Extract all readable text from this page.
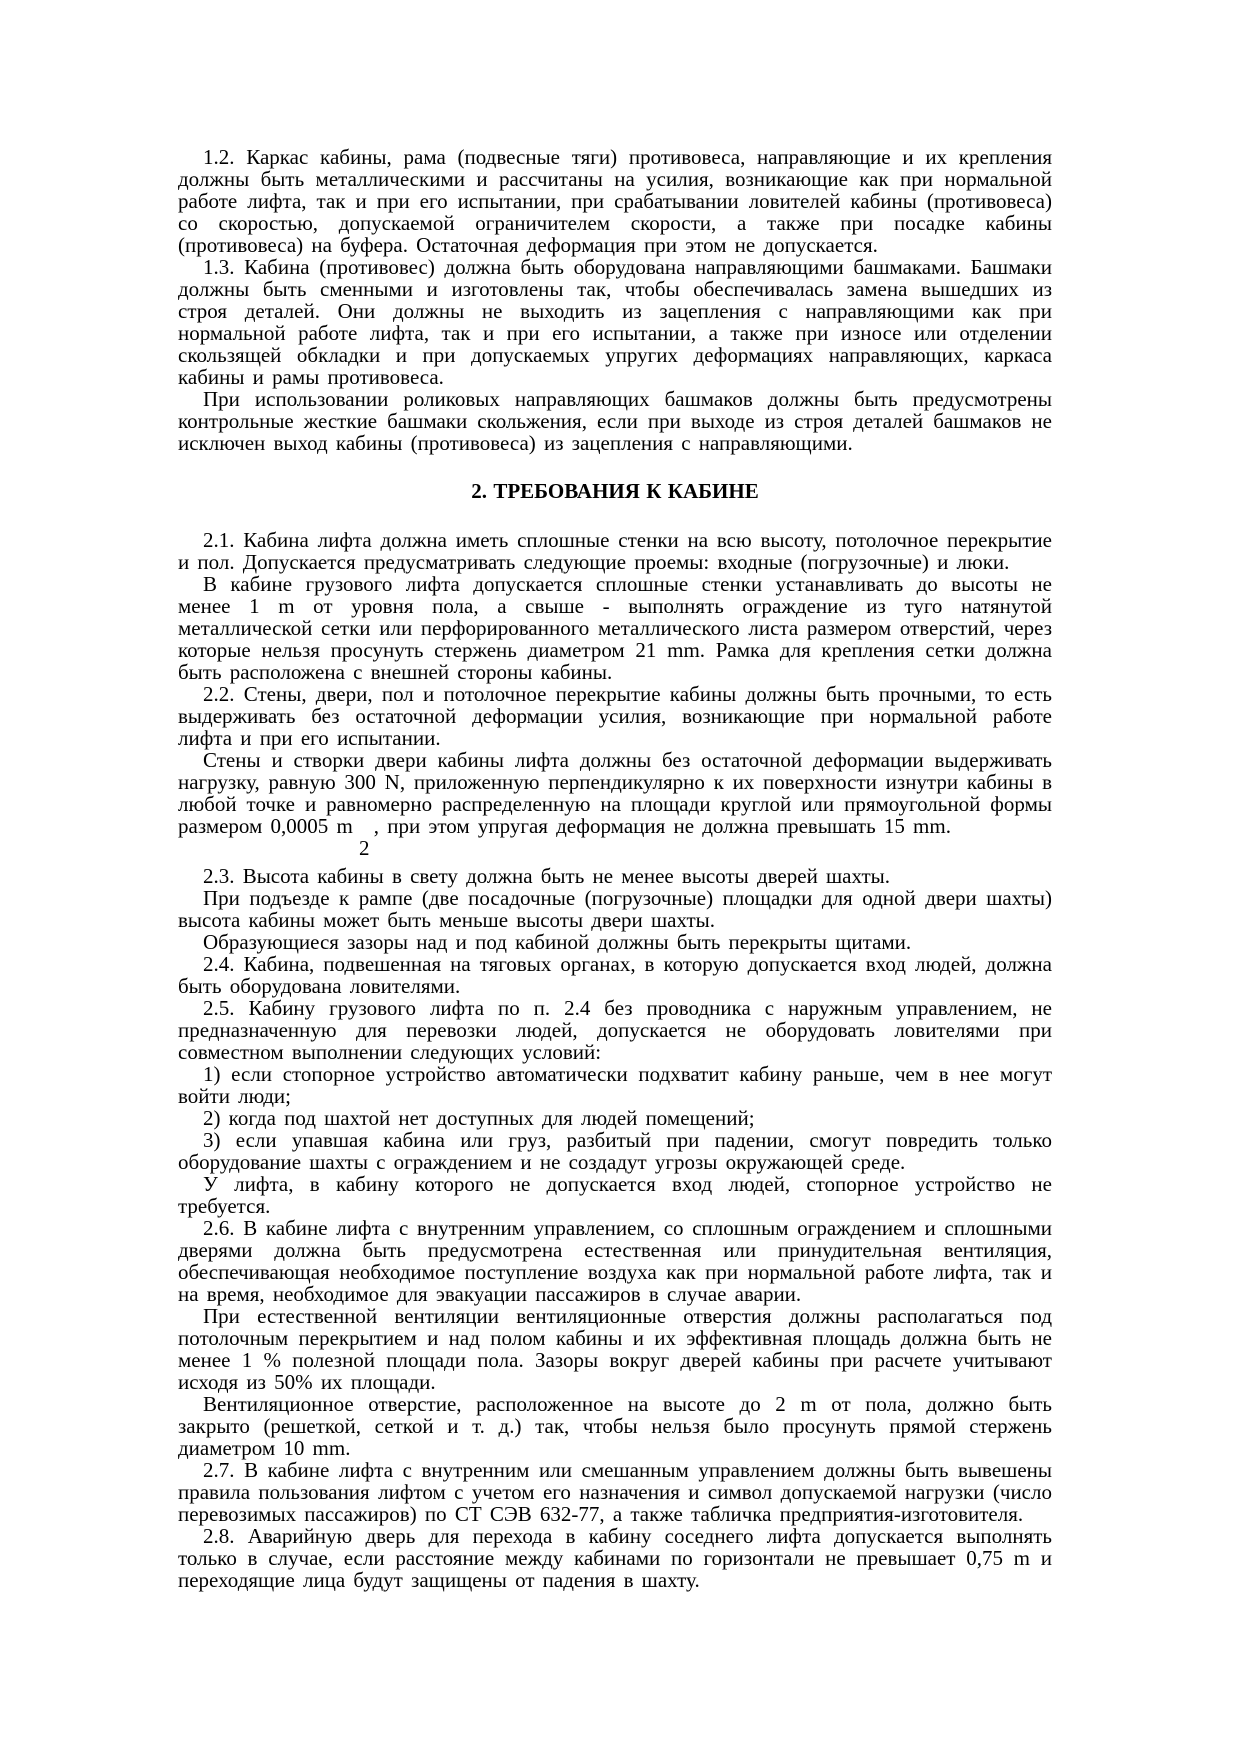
1.2. Каркас кабины, рама (подвесные тяги) противовеса, направляющие и их крепления должны быть металлическими и рассчитаны на усилия, возникающие как при нормальной работе лифта, так и при его испытании, при срабатывании ловителей кабины (противовеса) со скоростью, допускаемой ограничителем скорости, а также при посадке кабины (противовеса) на буфера. Остаточная деформация при этом не допускается.

1.3. Кабина (противовес) должна быть оборудована направляющими башмаками. Башмаки должны быть сменными и изготовлены так, чтобы обеспечивалась замена вышедших из строя деталей. Они должны не выходить из зацепления с направляющими как при нормальной работе лифта, так и при его испытании, а также при износе или отделении скользящей обкладки и при допускаемых упругих деформациях направляющих, каркаса кабины и рамы противовеса.

При использовании роликовых направляющих башмаков должны быть предусмотрены контрольные жесткие башмаки скольжения, если при выходе из строя деталей башмаков не исключен выход кабины (противовеса) из зацепления с направляющими.

2. ТРЕБОВАНИЯ К КАБИНЕ

2.1. Кабина лифта должна иметь сплошные стенки на всю высоту, потолочное перекрытие и пол. Допускается предусматривать следующие проемы: входные (погрузочные) и люки.

В кабине грузового лифта допускается сплошные стенки устанавливать до высоты не менее 1 m от уровня пола, а свыше - выполнять ограждение из туго натянутой металлической сетки или перфорированного металлического листа размером отверстий, через которые нельзя просунуть стержень диаметром 21 mm. Рамка для крепления сетки должна быть расположена с внешней стороны кабины.

2.2. Стены, двери, пол и потолочное перекрытие кабины должны быть прочными, то есть выдерживать без остаточной деформации усилия, возникающие при нормальной работе лифта и при его испытании.

Стены и створки двери кабины лифта должны без остаточной деформации выдерживать нагрузку, равную 300 N, приложенную перпендикулярно к их поверхности изнутри кабины в любой точке и равномерно распределенную на площади круглой или прямоугольной формы размером 0,0005 m , при этом упругая деформация не должна превышать 15 mm.

2

2.3. Высота кабины в свету должна быть не менее высоты дверей шахты.

При подъезде к рампе (две посадочные (погрузочные) площадки для одной двери шахты) высота кабины может быть меньше высоты двери шахты.

Образующиеся зазоры над и под кабиной должны быть перекрыты щитами.

2.4. Кабина, подвешенная на тяговых органах, в которую допускается вход людей, должна быть оборудована ловителями.

2.5. Кабину грузового лифта по п. 2.4 без проводника с наружным управлением, не предназначенную для перевозки людей, допускается не оборудовать ловителями при совместном выполнении следующих условий:

1) если стопорное устройство автоматически подхватит кабину раньше, чем в нее могут войти люди;

2) когда под шахтой нет доступных для людей помещений;

3) если упавшая кабина или груз, разбитый при падении, смогут повредить только оборудование шахты с ограждением и не создадут угрозы окружающей среде.

У лифта, в кабину которого не допускается вход людей, стопорное устройство не требуется.

2.6. В кабине лифта с внутренним управлением, со сплошным ограждением и сплошными дверями должна быть предусмотрена естественная или принудительная вентиляция, обеспечивающая необходимое поступление воздуха как при нормальной работе лифта, так и на время, необходимое для эвакуации пассажиров в случае аварии.

При естественной вентиляции вентиляционные отверстия должны располагаться под потолочным перекрытием и над полом кабины и их эффективная площадь должна быть не менее 1 % полезной площади пола. Зазоры вокруг дверей кабины при расчете учитывают исходя из 50% их площади.

Вентиляционное отверстие, расположенное на высоте до 2 m от пола, должно быть закрыто (решеткой, сеткой и т. д.) так, чтобы нельзя было просунуть прямой стержень диаметром 10 mm.

2.7. В кабине лифта с внутренним или смешанным управлением должны быть вывешены правила пользования лифтом с учетом его назначения и символ допускаемой нагрузки (число перевозимых пассажиров) по СТ СЭВ 632-77, а также табличка предприятия-изготовителя.

2.8. Аварийную дверь для перехода в кабину соседнего лифта допускается выполнять только в случае, если расстояние между кабинами по горизонтали не превышает 0,75 m и переходящие лица будут защищены от падения в шахту.
